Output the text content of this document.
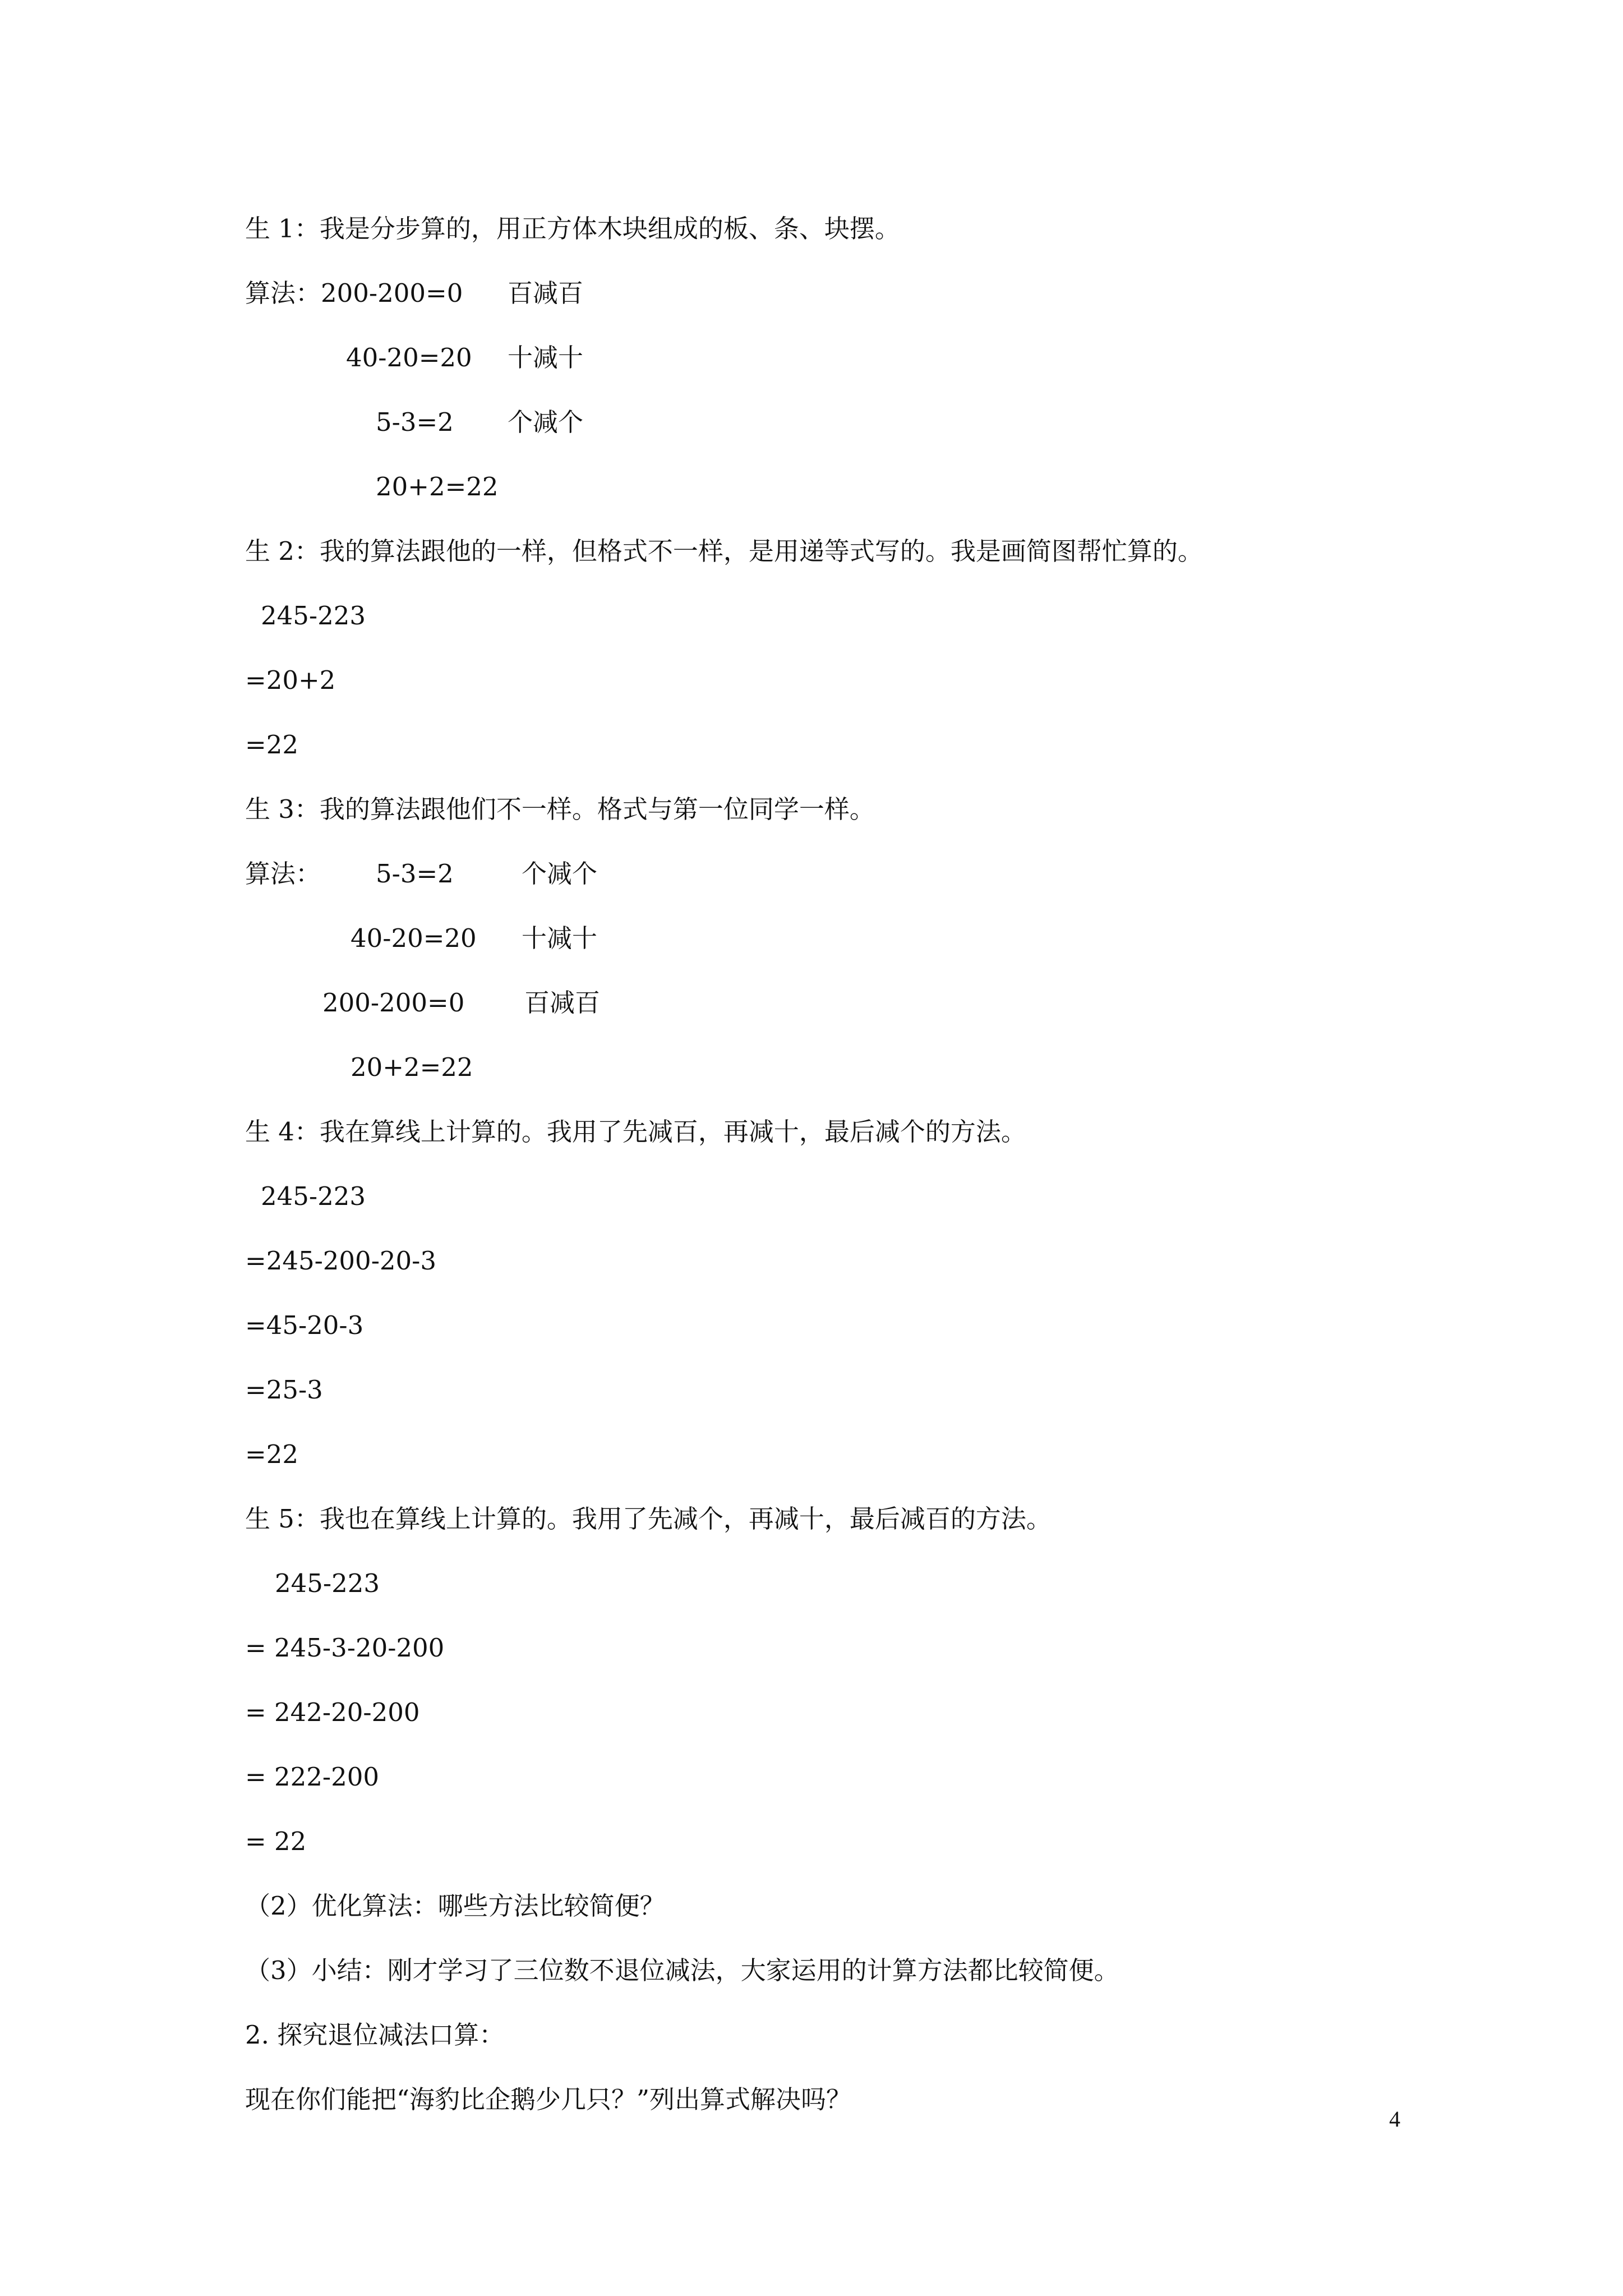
生 1：我是分步算的，用正方体木块组成的板、条、块摆。
算法：200-200=0 百减百
40-20=20 十减十
5-3=2 个减个
20+2=22
生 2：我的算法跟他的一样，但格式不一样，是用递等式写的。我是画简图帮忙算的。
245-223
=20+2
=22
生 3：我的算法跟他们不一样。格式与第一位同学一样。
算法： 5-3=2	个减个
40-20=20 十减十
200-200=0 百减百
20+2=22
生 4：我在算线上计算的。我用了先减百，再减十，最后减个的方法。
245-223
=245-200-20-3
=45-20-3
=25-3
=22
生 5：我也在算线上计算的。我用了先减个，再减十，最后减百的方法。
245-223
= 245-3-20-200
= 242-20-200
= 222-200
= 22
（2）优化算法：哪些方法比较简便？
（3）小结：刚才学习了三位数不退位减法，大家运用的计算方法都比较简便。
2. 探究退位减法口算：
现在你们能把“海豹比企鹅少几只？”列出算式解决吗？
4
